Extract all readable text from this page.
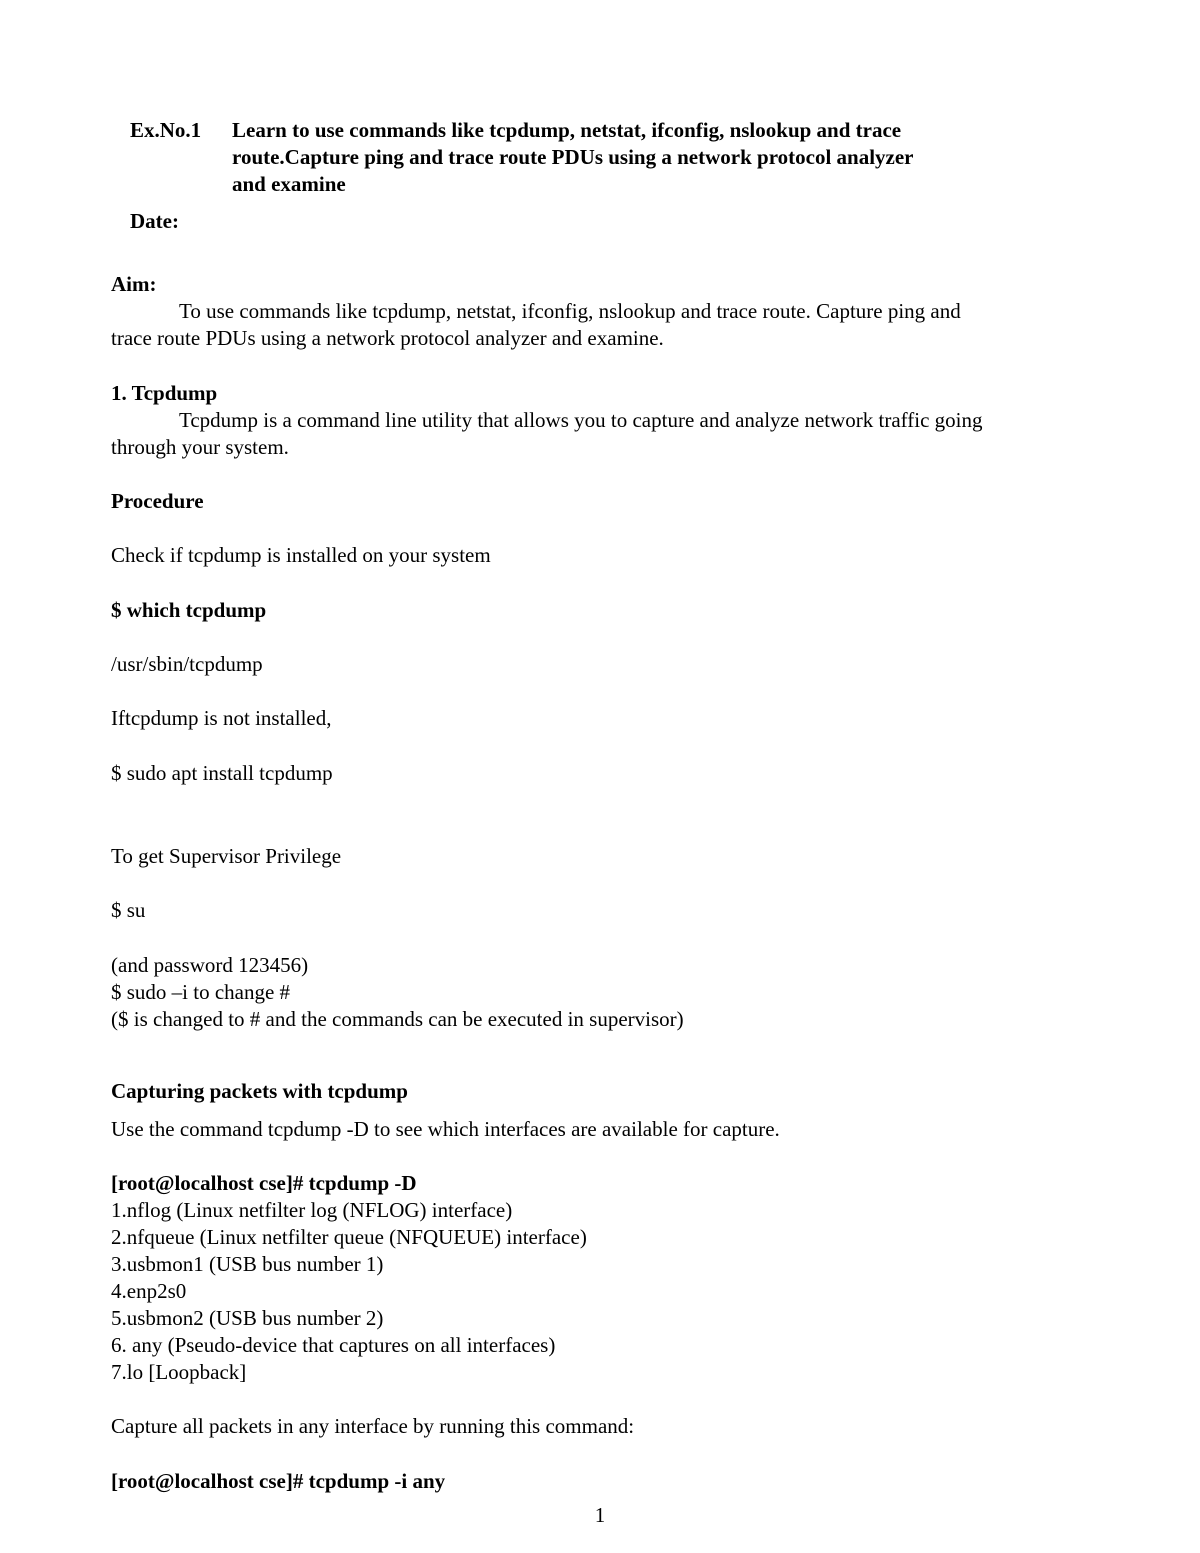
Ex.No.1 Learn to use commands like tcpdump, netstat, ifconfig, nslookup and trace
route.Capture ping and trace route PDUs using a network protocol analyzer
and examine
Date:
Aim:
To use commands like tcpdump, netstat, ifconfig, nslookup and trace route. Capture ping and
trace route PDUs using a network protocol analyzer and examine.
1. Tcpdump
Tcpdump is a command line utility that allows you to capture and analyze network traffic going
through your system.
Procedure
Check if tcpdump is installed on your system
$ which tcpdump
/usr/sbin/tcpdump
Iftcpdump is not installed,
$ sudo apt install tcpdump
To get Supervisor Privilege
$ su
(and password 123456)
$ sudo –i to change #
($ is changed to # and the commands can be executed in supervisor)
Capturing packets with tcpdump
Use the command tcpdump -D to see which interfaces are available for capture.
[root@localhost cse]# tcpdump -D
1.nflog (Linux netfilter log (NFLOG) interface)
2.nfqueue (Linux netfilter queue (NFQUEUE) interface)
3.usbmon1 (USB bus number 1)
4.enp2s0
5.usbmon2 (USB bus number 2)
6. any (Pseudo-device that captures on all interfaces)
7.lo [Loopback]
Capture all packets in any interface by running this command:
[root@localhost cse]# tcpdump -i any
1
